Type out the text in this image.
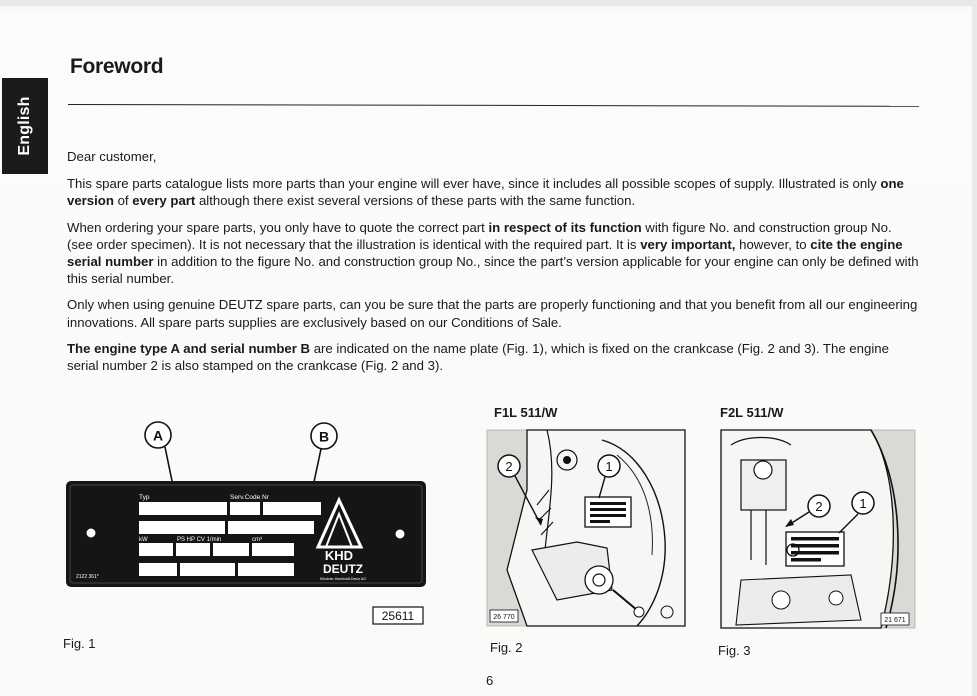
English
Foreword

Dear customer,

This spare parts catalogue lists more parts than your engine will ever have, since it includes all possible scopes of supply. Illustrated is only one version of every part although there exist several versions of these parts with the same function.

When ordering your spare parts, you only have to quote the correct part in respect of its function with figure No. and construction group No. (see order specimen). It is not necessary that the illustration is identical with the required part. It is very important, however, to cite the engine serial number in addition to the figure No. and construction group No., since the part’s version applicable for your engine can only be defined with this serial number.

Only when using genuine DEUTZ spare parts, can you be sure that the parts are properly functioning and that you benefit from all our engineering innovations. All spare parts supplies are exclusively based on our Conditions of Sale.

The engine type A and serial number B are indicated on the name plate (Fig. 1), which is fixed on the crankcase (Fig. 2 and 3). The engine serial number 2 is also stamped on the crankcase (Fig. 2 and 3).

A	B
Typ	Serv.Code Nr
kW	PS HP CV 1/min	cm³
2122 361*
KHD
DEUTZ
Klöckner-Humboldt-Deutz AG
25611
Fig. 1
F1L 511/W
2	1
26 770
Fig. 2
F2L 511/W
2	1
21 671
Fig. 3
6
